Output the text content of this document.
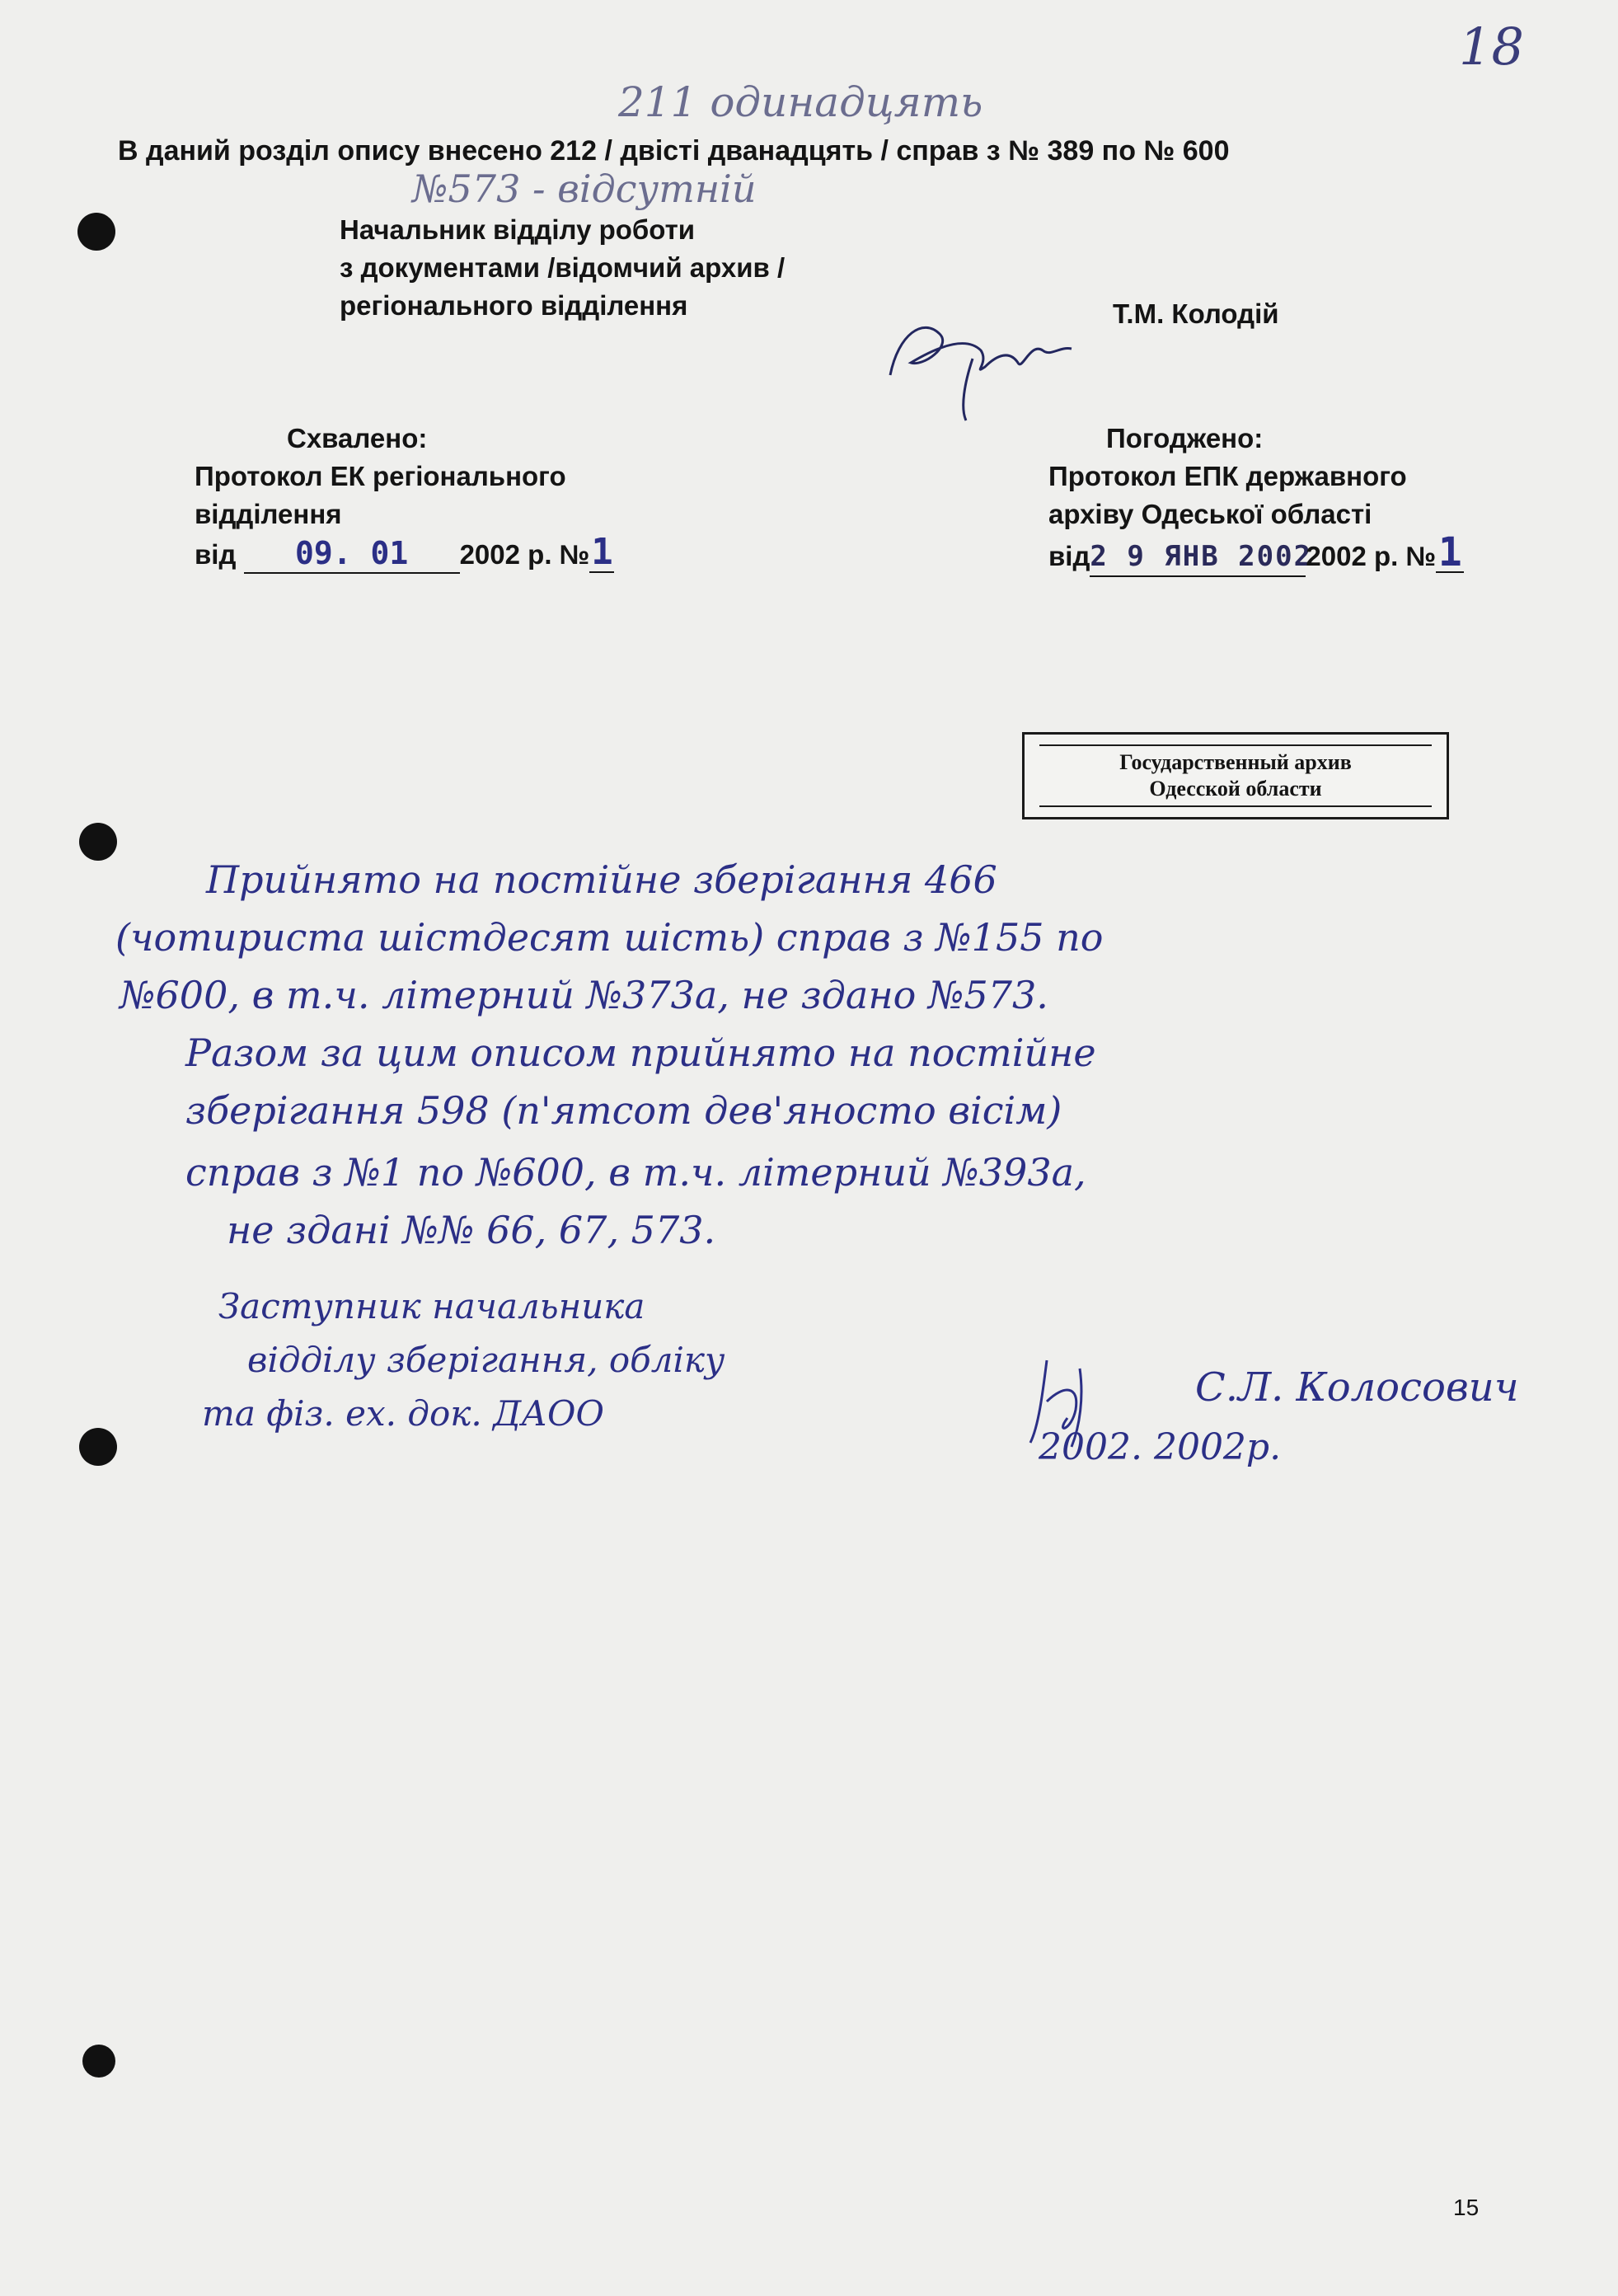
18
211 одинадцять
В даний розділ опису внесено 212 / двісті дванадцять / справ з № 389 по № 600
№573 - відсутній
Начальник відділу роботи
з документами /відомчий архив /
регіонального відділення	Т.М. Колодій
Схвалено:
Протокол ЕК регіонального
відділення
від 09. 01 2002 р. №1
Погоджено:
Протокол ЕПК державного
архіву Одеської області
від2 9 ЯНВ 20022002 р. №1
Государственный архив
Одесской области
Прийнято на постійне зберігання 466
(чотириста шістдесят шість) справ з №155 по
№600, в т.ч. літерний №373а, не здано №573.
Разом за цим описом прийнято на постійне
зберігання 598 (п'ятсот дев'яносто вісім)
справ з №1 по №600, в т.ч. літерний №393а,
не здані №№ 66, 67, 573.
Заступник начальника
відділу зберігання, обліку
та фіз. ех. док. ДАОО
С.Л. Колосович
2002. 2002р.
15
